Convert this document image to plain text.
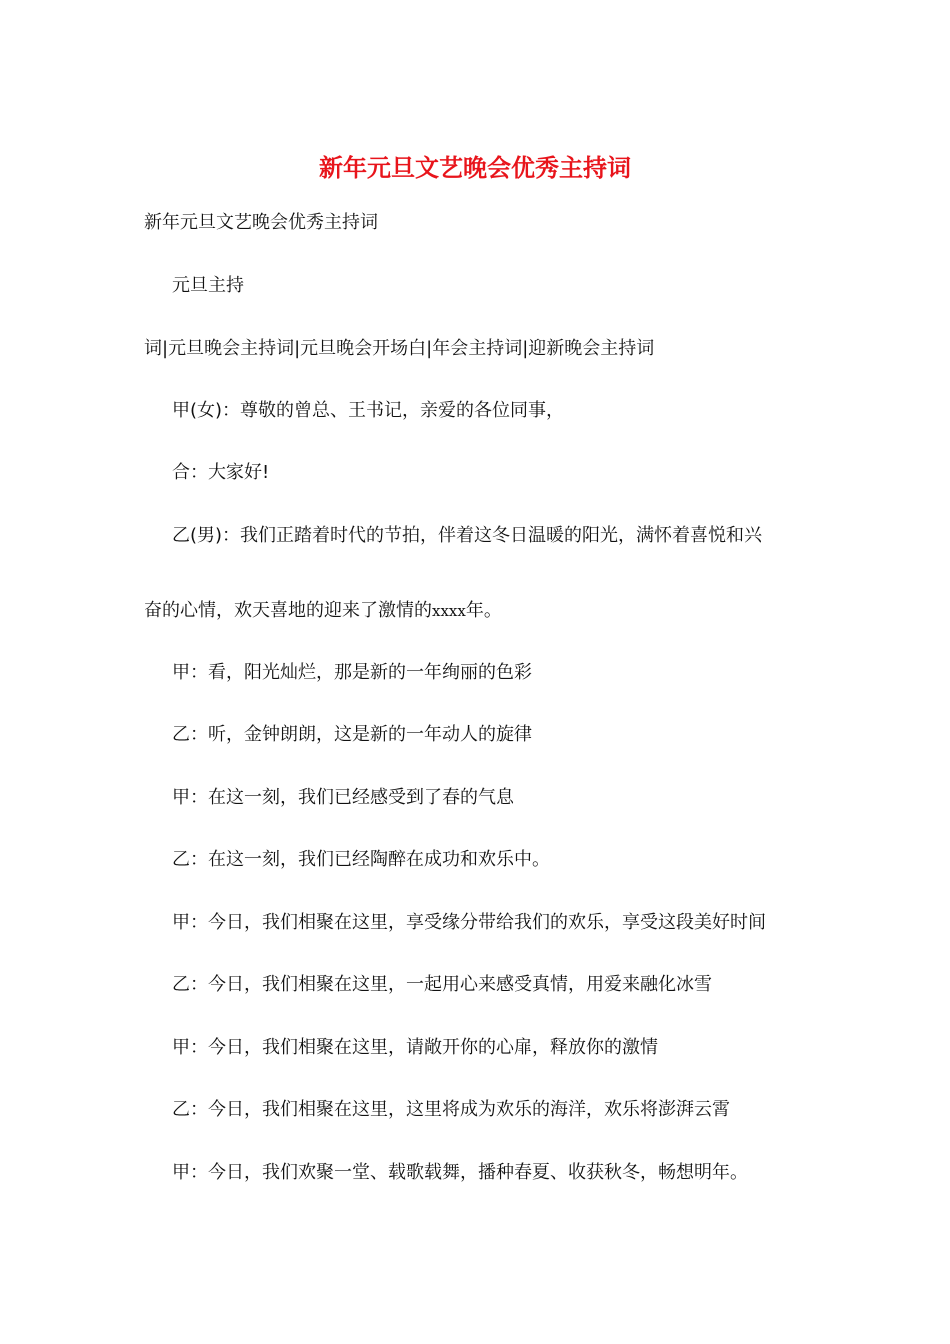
新年元旦文艺晚会优秀主持词

新年元旦文艺晚会优秀主持词

元旦主持

词|元旦晚会主持词|元旦晚会开场白|年会主持词|迎新晚会主持词

甲(女)：尊敬的曾总、王书记，亲爱的各位同事，

合：大家好!

乙(男)：我们正踏着时代的节拍，伴着这冬日温暖的阳光，满怀着喜悦和兴

奋的心情，欢天喜地的迎来了激情的xxxx年。

甲：看，阳光灿烂，那是新的一年绚丽的色彩

乙：听，金钟朗朗，这是新的一年动人的旋律

甲：在这一刻，我们已经感受到了春的气息

乙：在这一刻，我们已经陶醉在成功和欢乐中。

甲：今日，我们相聚在这里，享受缘分带给我们的欢乐，享受这段美好时间

乙：今日，我们相聚在这里，一起用心来感受真情，用爱来融化冰雪

甲：今日，我们相聚在这里，请敞开你的心扉，释放你的激情

乙：今日，我们相聚在这里，这里将成为欢乐的海洋，欢乐将澎湃云霄

甲：今日，我们欢聚一堂、载歌载舞，播种春夏、收获秋冬，畅想明年。
